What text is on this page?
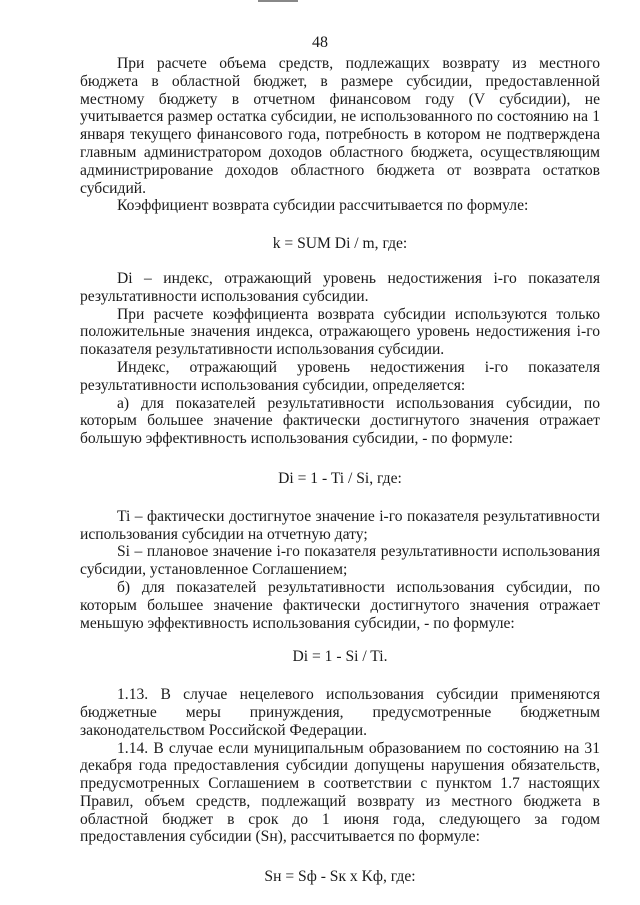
48

При расчете объема средств, подлежащих возврату из местного бюджета в областной бюджет, в размере субсидии, предоставленной местному бюджету в отчетном финансовом году (V субсидии), не учитывается размер остатка субсидии, не использованного по состоянию на 1 января текущего финансового года, потребность в котором не подтверждена главным администратором доходов областного бюджета, осуществляющим администрирование доходов областного бюджета от возврата остатков субсидий.

Коэффициент возврата субсидии рассчитывается по формуле:

k = SUM Di / m, где:

Di – индекс, отражающий уровень недостижения i-го показателя результативности использования субсидии.

При расчете коэффициента возврата субсидии используются только положительные значения индекса, отражающего уровень недостижения i-го показателя результативности использования субсидии.

Индекс, отражающий уровень недостижения i-го показателя результативности использования субсидии, определяется:

а) для показателей результативности использования субсидии, по которым большее значение фактически достигнутого значения отражает большую эффективность использования субсидии, - по формуле:

Di = 1 - Ti / Si, где:

Ti – фактически достигнутое значение i-го показателя результативности использования субсидии на отчетную дату;

Si – плановое значение i-го показателя результативности использования субсидии, установленное Соглашением;

б) для показателей результативности использования субсидии, по которым большее значение фактически достигнутого значения отражает меньшую эффективность использования субсидии, - по формуле:

Di = 1 - Si / Ti.

1.13. В случае нецелевого использования субсидии применяются бюджетные меры принуждения, предусмотренные бюджетным законодательством Российской Федерации.

1.14. В случае если муниципальным образованием по состоянию на 31 декабря года предоставления субсидии допущены нарушения обязательств, предусмотренных Соглашением в соответствии с пунктом 1.7 настоящих Правил, объем средств, подлежащий возврату из местного бюджета в областной бюджет в срок до 1 июня года, следующего за годом предоставления субсидии (Sн), рассчитывается по формуле:

Sн = Sф - Sк x Kф, где:
